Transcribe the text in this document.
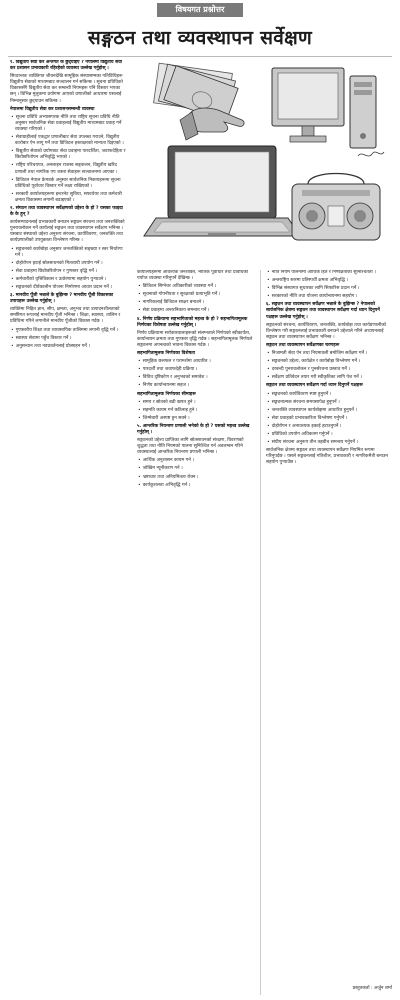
विषयगत प्रश्नोत्तर
सङ्गठन तथा व्यवस्थापन सर्वेक्षण

१. विद्युतीय सेवा कर अन्तर्गत के छुट्‍याइए ? नेपालमा विद्युतीय सेवा कर प्रशासन प्रभावकारी रहिरहेको व्यवस्था उल्लेख गर्नुहोस् ।

सिध्दान्ततः व्यक्तिगत जीवनदेखि सामूहिक संस्थासम्मका गतिविधिहरू विद्युतीय सेवाको माध्यमबाट सञ्चालन गर्न सकिन्छ । सूचना प्रविधिको विकाससँगै विद्युतीय सेवा कर सम्बन्धी नियमहरू पनि विस्तार भएका छन् । विभिन्न मुलुकमा प्रयोगमा आएको प्रणालीको आधारमा यसलाई निम्नानुसार छुट्‍याउन सकिन्छ ।

नेपालमा विद्युतीय सेवा कर प्रशासनसम्बन्धी व्यवस्था

• सूचना प्रविधि अभ्यासपरक नीति तथा राष्ट्रिय सूचना प्रविधि नीति अनुसार सार्वजनिक सेवा प्रवाहलाई विद्युतीय माध्यमबाट प्रवाह गर्ने व्यवस्था गरिएको ।

• सेवाग्राहीलाई एकद्वार प्रणालीबाट सेवा उपलब्ध गराउने, विद्युतीय कारोबार ऐन लागू गर्ने तथा डिजिटल हस्ताक्षरको मान्यता दिइएको ।

• विद्युतीय सेवाको प्रयोगबाट सेवा प्रवाहमा पारदर्शिता, जवाफदेहिता र छिटोछरितोपन अभिवृद्धि भएको ।

• राष्ट्रिय परिचयपत्र, अनलाइन राजस्व सङ्‍कलन, विद्युतीय खरिद प्रणाली तथा नागरिक एप जस्ता सेवाहरू सञ्चालनमा आएका ।

• डिजिटल नेपाल फ्रेमवर्क अनुसार सार्वजनिक निकायहरूमा सूचना प्रविधिको पूर्वाधार विस्तार गर्ने लक्ष्य राखिएको ।

• सरकारी कार्यालयहरूमा इन्टरनेट सुविधा, सफ्टवेयर तथा कर्मचारी क्षमता विकासमा लगानी बढाइएको ।

२. संगठन तथा व्यवस्थापन सर्वेक्षणको उद्देश्य के हो ? यसका फाइदा के के हुन् ?

कार्यसम्पादनलाई प्रभावकारी बनाउन सङ्गठन संरचना तथा जनशक्तिको पुनरावलोकन गर्ने कार्यलाई सङ्गठन तथा व्यवस्थापन सर्वेक्षण भनिन्छ । यसबाट संस्थाको उद्देश्य अनुरूप संरचना, कार्यविवरण, जनशक्ति तथा कार्यप्रणालीको उपयुक्तता विश्लेषण गरिन्छ ।

• सङ्गठनको कार्यबोझ अनुसार जनशक्तिको सङ्ख्या र स्तर निर्धारण गर्ने ।

• दोहोरोपन हटाई स्रोतसाधनको मितव्ययी उपयोग गर्ने ।

• सेवा प्रवाहमा छिटोछरितोपन र गुणस्तर वृद्धि गर्ने ।

• कर्मचारीको वृत्तिविकास र उत्प्रेरणामा सहयोग पुर्‍याउने ।

• सङ्गठनको दीर्घकालीन योजना निर्माणमा आधार प्रदान गर्ने ।

३. मानवीय पूँजी भन्नाले के बुझिन्छ ? मानवीय पूँजी विकासका उपायहरू उल्लेख गर्नुहोस् ।

व्यक्तिमा निहित ज्ञान, सीप, क्षमता, अनुभव तथा उत्पादनशीलताको समष्टिगत रूपलाई मानवीय पूँजी भनिन्छ । शिक्षा, स्वास्थ्य, तालिम र प्रविधिमा गरिने लगानीले मानवीय पूँजीको विकास गर्दछ ।

• गुणस्तरीय शिक्षा तथा व्यावसायिक तालिममा लगानी वृद्धि गर्ने ।

• स्वास्थ्य सेवामा पहुँच विस्तार गर्ने ।

• अनुसन्धान तथा नवप्रवर्तनलाई प्रोत्साहन गर्ने ।

कार्यालयहरूमा आवश्यक जनशक्ति, भौतिक पूर्वाधार तथा प्रविधिको पर्याप्त व्यवस्था गरिनुपर्ने देखिन्छ ।

• डिजिटल सिग्नेचर अधिकारीको व्यवस्था गर्ने ।

• सूचनाको गोपनीयता र सुरक्षाको प्रत्याभूति गर्ने ।

• नागरिकलाई डिजिटल साक्षर बनाउने ।

• सेवा प्रवाहमा अन्तरनिकाय समन्वय गर्ने ।

४. निर्णय प्रक्रियामा सहभागिताको महत्त्व के हो ? सहभागितामूलक निर्णयका विशेषता उल्लेख गर्नुहोस् ।

निर्णय प्रक्रियामा सरोकारवालाहरूको संलग्नताले निर्णयको स्वीकार्यता, कार्यान्वयन क्षमता तथा गुणस्तर वृद्धि गर्दछ । सहभागितामूलक निर्णयले सङ्गठनमा अपनत्वको भावना विकास गर्दछ ।

सहभागितामूलक निर्णयका विशेषता

• सामूहिक छलफल र परामर्शमा आधारित ।

• पारदर्शी तथा जवाफदेही प्रक्रिया ।

• विविध दृष्टिकोण र अनुभवको समावेश ।

• निर्णय कार्यान्वयनमा सहज ।

सहभागितामूलक निर्णयका सीमाहरू

• समय र स्रोतको बढी खपत हुने ।

• सहमति कायम गर्न कठिनाइ हुने ।

• जिम्मेवारी अस्पष्ट हुन सक्ने ।

५. आन्तरिक नियन्त्रण प्रणाली भनेको के हो ? यसको महत्त्व उल्लेख गर्नुहोस् ।

सङ्गठनको उद्देश्य प्राप्तिका लागि स्रोतसाधनको संरक्षण, विवरणको शुद्धता तथा नीति नियमको पालना सुनिश्चित गर्न अवलम्बन गरिने व्यवस्थालाई आन्तरिक नियन्त्रण प्रणाली भनिन्छ ।

• आर्थिक अनुशासन कायम गर्न ।

• जोखिम न्यूनीकरण गर्न ।

• भ्रष्टाचार तथा अनियमितता रोक्न ।

• कार्यकुशलता अभिवृद्धि गर्न ।

• नीति नियम पालनामा आर्थिक हित र निष्पक्षताको सुनिश्चितता ।

• अन्तराष्ट्रिय स्तरमा प्रतिस्पर्धी क्षमता अभिवृद्धि ।

• विभिन्न संस्थागत सुधारका लागि सिफारिस प्रदान गर्ने ।

• सरकारको नीति तथा योजना कार्यान्वयनमा सहयोग ।

६. सङ्गठन तथा व्यवस्थापन सर्वेक्षण भन्नाले के बुझिन्छ ? नेपालको सार्वजनिक क्षेत्रमा सङ्गठन तथा व्यवस्थापन सर्वेक्षण गर्दा ध्यान दिनुपर्ने पक्षहरू उल्लेख गर्नुहोस् ।

सङ्गठनको संरचना, कार्यविवरण, जनशक्ति, कार्यबोझ तथा कार्यप्रणालीको विश्लेषण गरी सङ्गठनलाई प्रभावकारी बनाउने उद्देश्यले गरिने अध्ययनलाई सङ्गठन तथा व्यवस्थापन सर्वेक्षण भनिन्छ ।

सङ्गठन तथा व्यवस्थापन सर्वेक्षणका चरणहरू

• निजामती सेवा ऐन तथा नियमावली बमोजिम सर्वेक्षण गर्ने ।

• सङ्गठनको उद्देश्य, कार्यक्षेत्र र कार्यबोझ विश्लेषण गर्ने ।

• दरबन्दी पुनरावलोकन र पुनर्संरचना प्रस्ताव गर्ने ।

• सर्वेक्षण प्रतिवेदन तयार गरी स्वीकृतिका लागि पेश गर्ने ।

सङ्गठन तथा व्यवस्थापन सर्वेक्षण गर्दा ध्यान दिनुपर्ने पक्षहरू

• सङ्गठनको कार्यविवरण स्पष्ट हुनुपर्ने ।

• सङ्गठनात्मक संरचना समयसापेक्ष हुनुपर्ने ।

• जनशक्ति व्यवस्थापन कार्यबोझमा आधारित हुनुपर्ने ।

• सेवा प्रवाहको प्रभावकारिता विश्लेषण गर्नुपर्ने ।

• दोहोरोपन र अनावश्यक इकाई हटाउनुपर्ने ।

• प्रविधिको उपयोग अधिकतम गर्नुपर्ने ।

• संघीय संरचना अनुरूप तीन तहबीच समन्वय गर्नुपर्ने ।

सार्वजनिक क्षेत्रमा सङ्गठन तथा व्यवस्थापन सर्वेक्षण नियमित रूपमा गरिनुपर्दछ । यसले सङ्गठनलाई गतिशील, प्रभावकारी र नागरिकमैत्री बनाउन सहयोग पुर्‍याउँछ ।

प्रस्तुतकर्ता : अर्जुन शर्मा
